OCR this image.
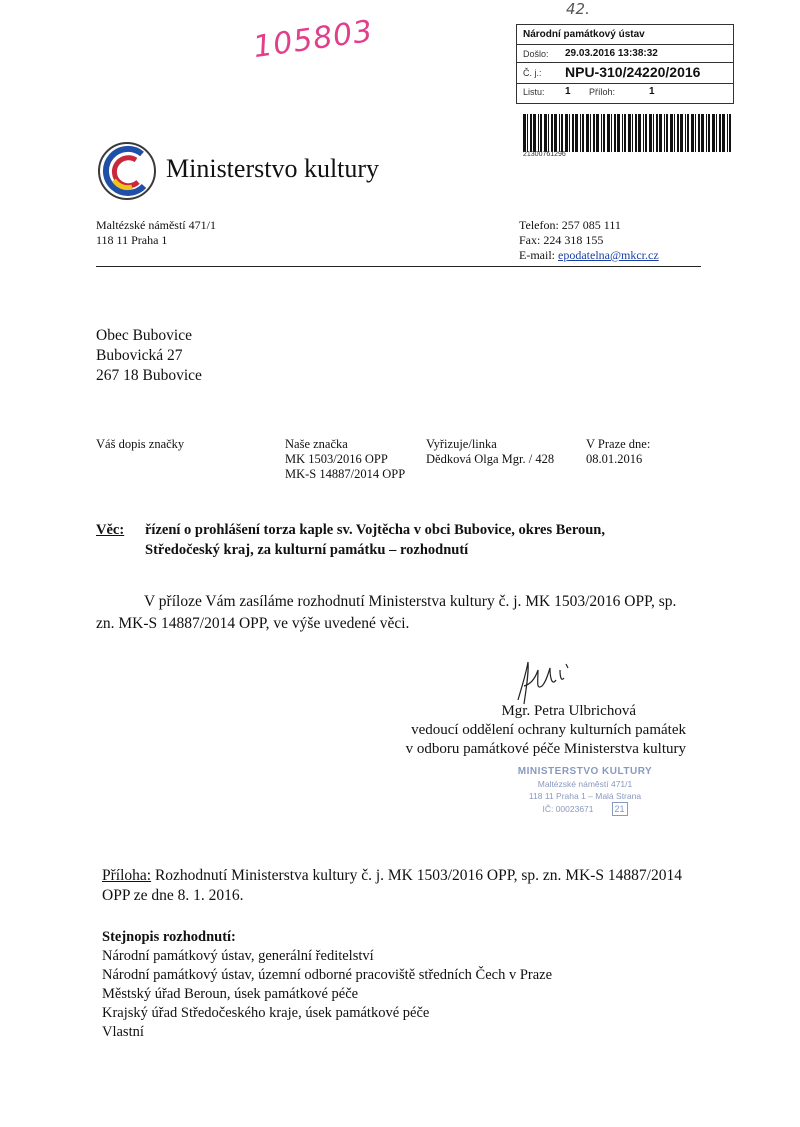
105803
42.
Národní památkový ústav
Došlo: 29.03.2016 13:38:32
Č. j.: NPU-310/24220/2016
Listu: 1 Příloh:	1
21300761296
Ministerstvo kultury
Maltézské náměstí 471/1
118 11 Praha 1
Telefon: 257 085 111
Fax: 224 318 155
E-mail: epodatelna@mkcr.cz
Obec Bubovice
Bubovická 27
267 18 Bubovice
Váš dopis značky	Naše značka
MK 1503/2016 OPP
MK-S 14887/2014 OPP
Vyřizuje/linka
Dědková Olga Mgr. / 428
V Praze dne:
08.01.2016
Věc: řízení o prohlášení torza kaple sv. Vojtěcha v obci Bubovice, okres Beroun,
Středočeský kraj, za kulturní památku – rozhodnutí
V příloze Vám zasíláme rozhodnutí Ministerstva kultury č. j. MK 1503/2016 OPP, sp.
zn. MK-S 14887/2014 OPP, ve výše uvedené věci.
Mgr. Petra Ulbrichová
vedoucí oddělení ochrany kulturních památek
v odboru památkové péče Ministerstva kultury
MINISTERSTVO KULTURY
Maltézské náměstí 471/1
118 11 Praha 1 – Malá Strana
IČ: 00023671 21
Příloha: Rozhodnutí Ministerstva kultury č. j. MK 1503/2016 OPP, sp. zn. MK-S 14887/2014
OPP ze dne 8. 1. 2016.
Stejnopis rozhodnutí:
Národní památkový ústav, generální ředitelství
Národní památkový ústav, územní odborné pracoviště středních Čech v Praze
Městský úřad Beroun, úsek památkové péče
Krajský úřad Středočeského kraje, úsek památkové péče
Vlastní
